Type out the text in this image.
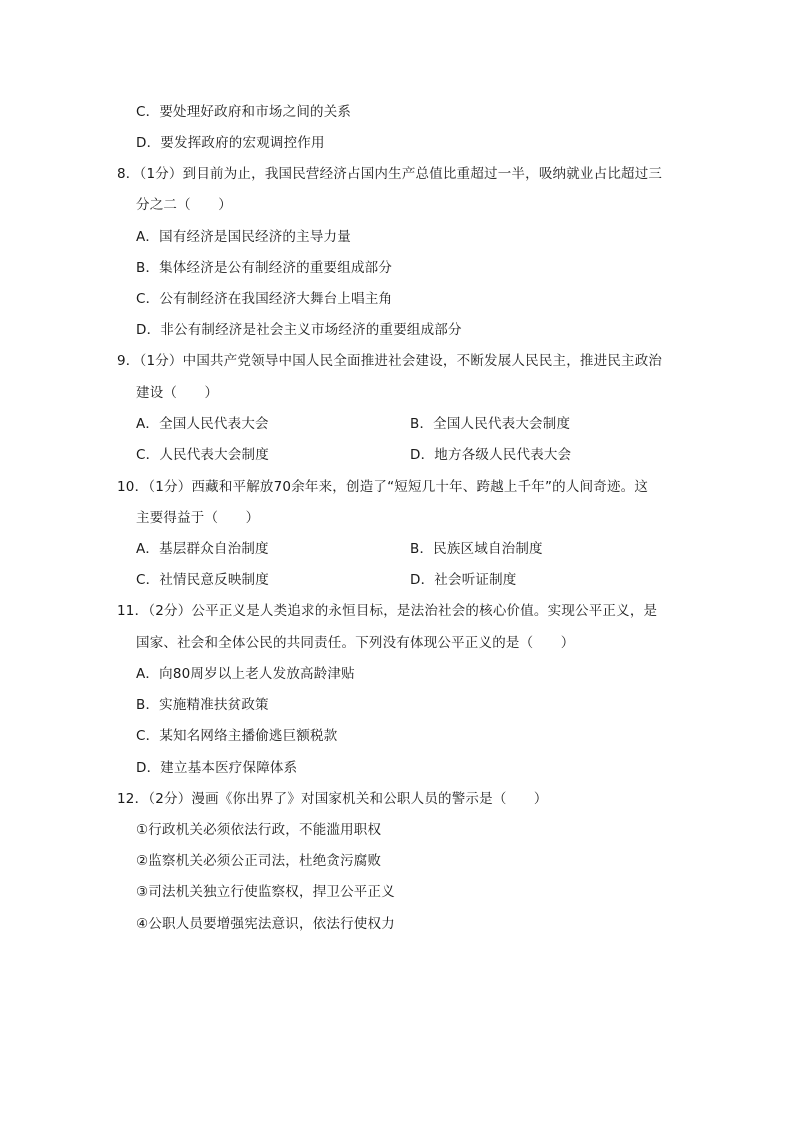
C．要处理好政府和市场之间的关系
D．要发挥政府的宏观调控作用
8．（1分）到目前为止，我国民营经济占国内生产总值比重超过一半，吸纳就业占比超过三
分之二（　　）
A．国有经济是国民经济的主导力量
B．集体经济是公有制经济的重要组成部分
C．公有制经济在我国经济大舞台上唱主角
D．非公有制经济是社会主义市场经济的重要组成部分
9．（1分）中国共产党领导中国人民全面推进社会建设，不断发展人民民主，推进民主政治
建设（　　）
A．全国人民代表大会	B．全国人民代表大会制度
C．人民代表大会制度	D．地方各级人民代表大会
10．（1分）西藏和平解放70余年来，创造了“短短几十年、跨越上千年”的人间奇迹。这
主要得益于（　　）
A．基层群众自治制度	B．民族区域自治制度
C．社情民意反映制度	D．社会听证制度
11．（2分）公平正义是人类追求的永恒目标，是法治社会的核心价值。实现公平正义，是
国家、社会和全体公民的共同责任。下列没有体现公平正义的是（　　）
A．向80周岁以上老人发放高龄津贴
B．实施精准扶贫政策
C．某知名网络主播偷逃巨额税款
D．建立基本医疗保障体系
12．（2分）漫画《你出界了》对国家机关和公职人员的警示是（　　）
①行政机关必须依法行政，不能滥用职权
②监察机关必须公正司法，杜绝贪污腐败
③司法机关独立行使监察权，捍卫公平正义
④公职人员要增强宪法意识，依法行使权力
